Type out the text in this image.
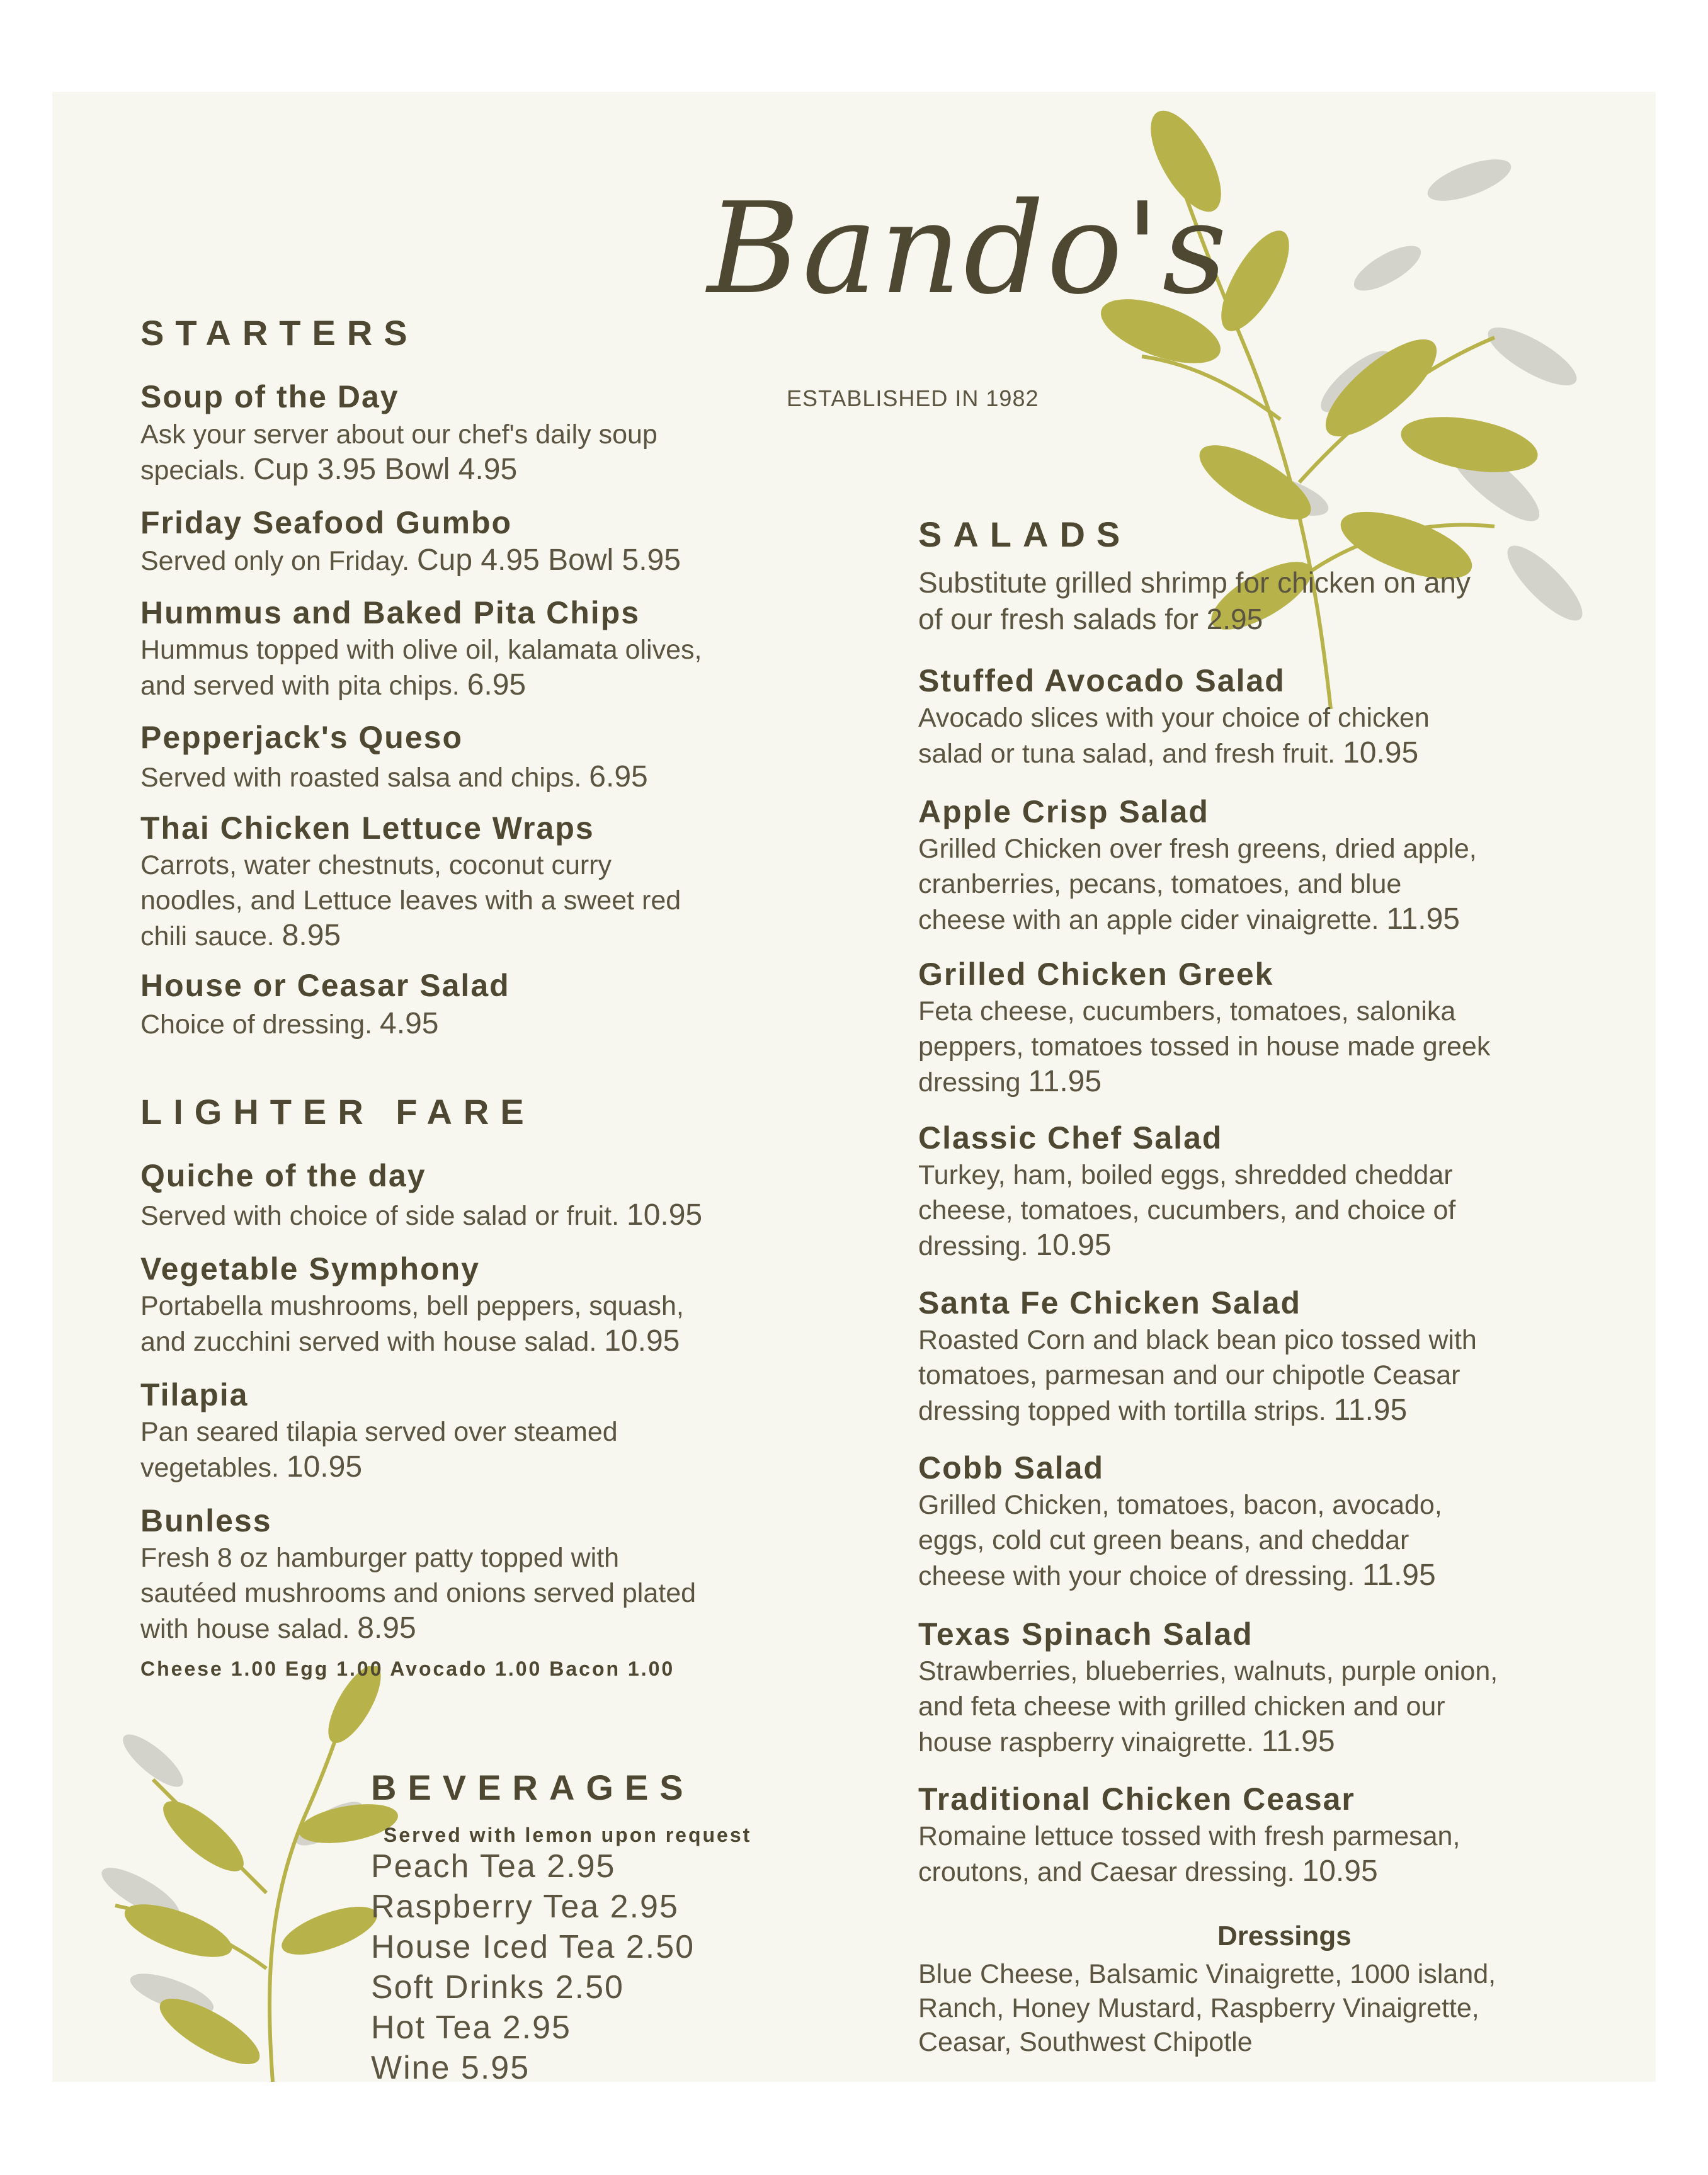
Bando's
ESTABLISHED IN 1982
STARTERS
Soup of the Day
Ask your server about our chef's daily soup
specials. Cup 3.95 Bowl 4.95
Friday Seafood Gumbo
Served only on Friday. Cup 4.95 Bowl 5.95
Hummus and Baked Pita Chips
Hummus topped with olive oil, kalamata olives,
and served with pita chips. 6.95
Pepperjack's Queso
Served with roasted salsa and chips. 6.95
Thai Chicken Lettuce Wraps
Carrots, water chestnuts, coconut curry
noodles, and Lettuce leaves with a sweet red
chili sauce. 8.95
House or Ceasar Salad
Choice of dressing. 4.95
LIGHTER FARE
Quiche of the day
Served with choice of side salad or fruit. 10.95
Vegetable Symphony
Portabella mushrooms, bell peppers, squash,
and zucchini served with house salad. 10.95
Tilapia
Pan seared tilapia served over steamed
vegetables. 10.95
Bunless
Fresh 8 oz hamburger patty topped with
sautéed mushrooms and onions served plated
with house salad. 8.95
Cheese 1.00 Egg 1.00 Avocado 1.00 Bacon 1.00
BEVERAGES
Served with lemon upon request
Peach Tea 2.95
Raspberry Tea 2.95
House Iced Tea 2.50
Soft Drinks 2.50
Hot Tea 2.95
Wine 5.95
SALADS
Substitute grilled shrimp for chicken on any
of our fresh salads for 2.95
Stuffed Avocado Salad
Avocado slices with your choice of chicken
salad or tuna salad, and fresh fruit. 10.95
Apple Crisp Salad
Grilled Chicken over fresh greens, dried apple,
cranberries, pecans, tomatoes, and blue
cheese with an apple cider vinaigrette. 11.95
Grilled Chicken Greek
Feta cheese, cucumbers, tomatoes, salonika
peppers, tomatoes tossed in house made greek
dressing 11.95
Classic Chef Salad
Turkey, ham, boiled eggs, shredded cheddar
cheese, tomatoes, cucumbers, and choice of
dressing. 10.95
Santa Fe Chicken Salad
Roasted Corn and black bean pico tossed with
tomatoes, parmesan and our chipotle Ceasar
dressing topped with tortilla strips. 11.95
Cobb Salad
Grilled Chicken, tomatoes, bacon, avocado,
eggs, cold cut green beans, and cheddar
cheese with your choice of dressing. 11.95
Texas Spinach Salad
Strawberries, blueberries, walnuts, purple onion,
and feta cheese with grilled chicken and our
house raspberry vinaigrette. 11.95
Traditional Chicken Ceasar
Romaine lettuce tossed with fresh parmesan,
croutons, and Caesar dressing. 10.95
Dressings
Blue Cheese, Balsamic Vinaigrette, 1000 island,
Ranch, Honey Mustard, Raspberry Vinaigrette,
Ceasar, Southwest Chipotle
